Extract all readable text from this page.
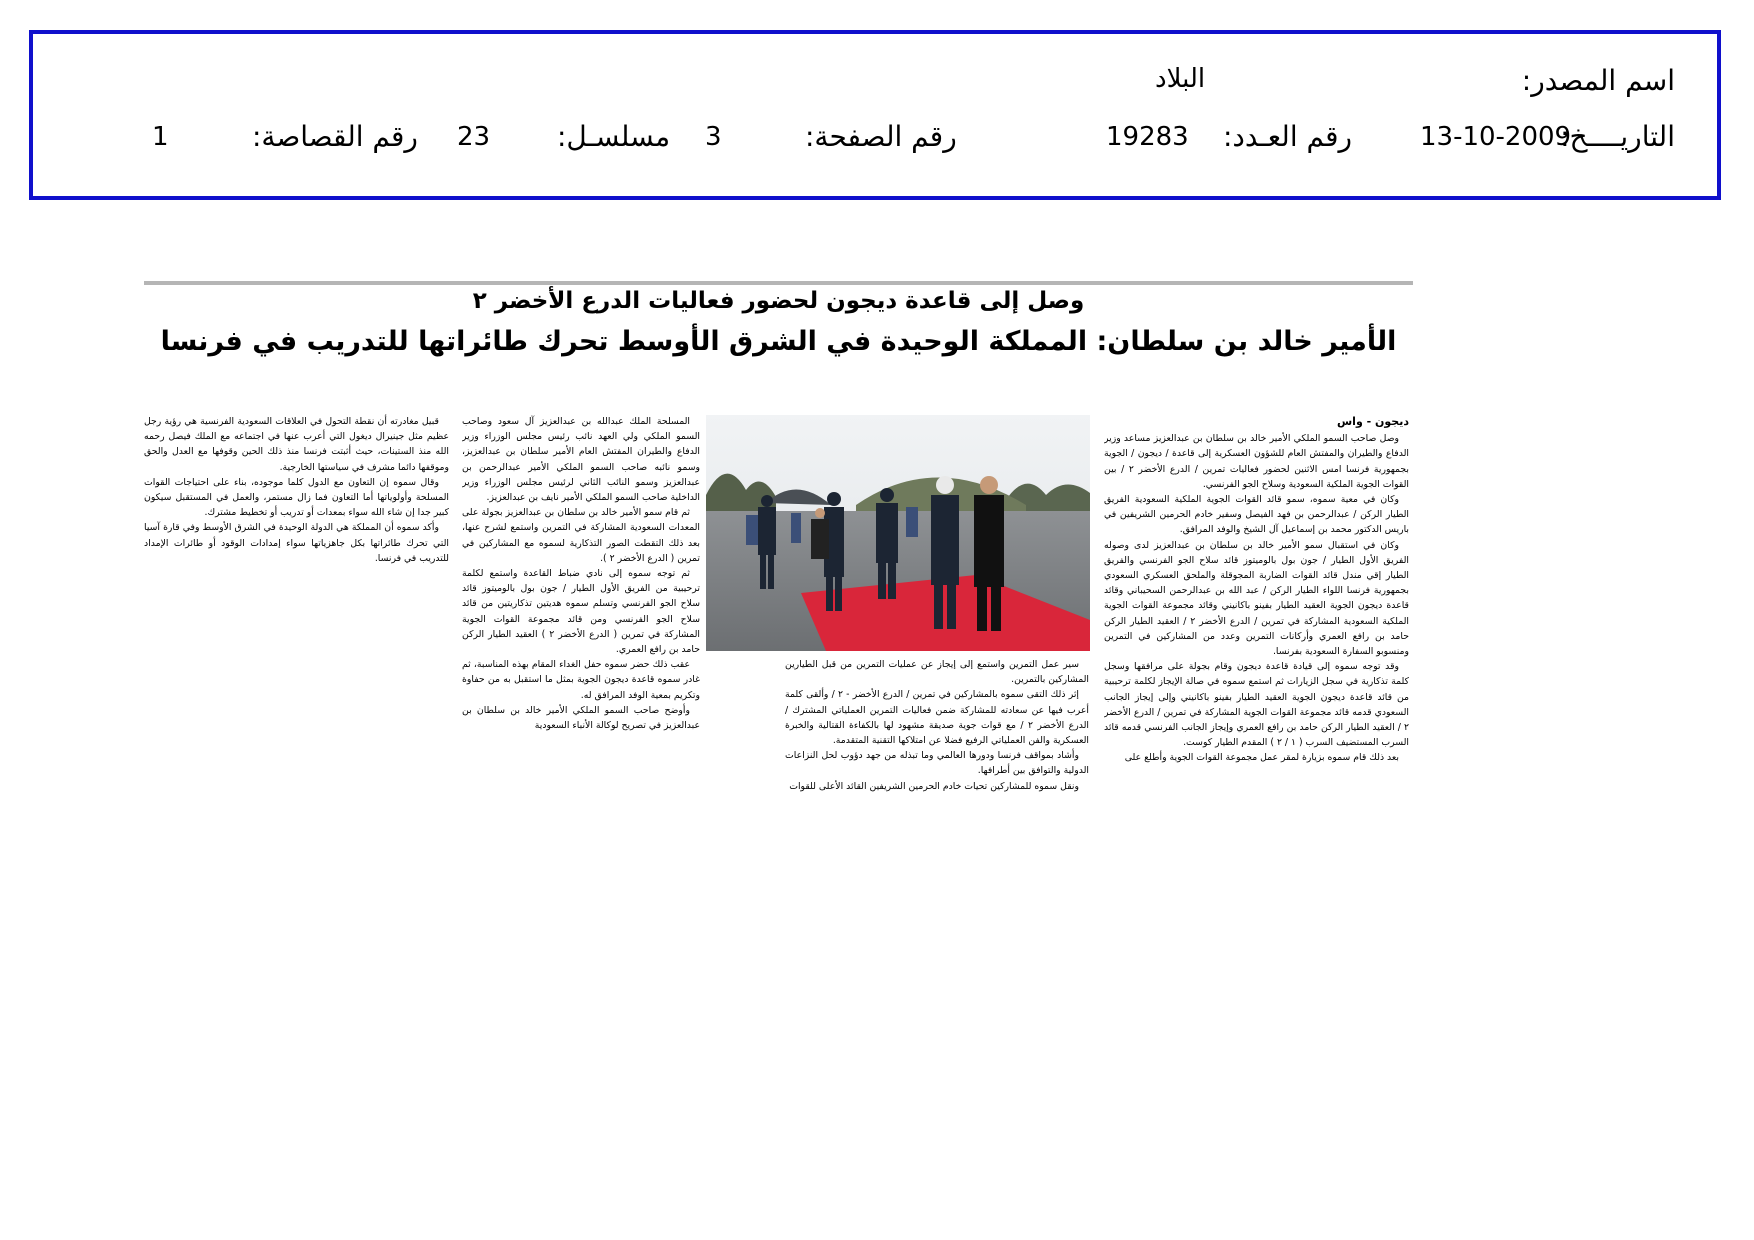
اسم المصدر:
البلاد
التاريــــخ:
13-10-2009
رقم العـدد:
19283
رقم الصفحة:
3
مسلسـل:
23
رقم القصاصة:
1
وصل إلى قاعدة ديجون لحضور فعاليات الدرع الأخضر ٢
الأمير خالد بن سلطان: المملكة الوحيدة في الشرق الأوسط تحرك طائراتها للتدريب في فرنسا
ديجون - واس

وصل صاحب السمو الملكي الأمير خالد بن سلطان بن عبدالعزيز مساعد وزير الدفاع والطيران والمفتش العام للشؤون العسكرية إلى قاعدة / ديجون / الجوية بجمهورية فرنسا امس الاثنين لحضور فعاليات تمرين / الدرع الأخضر ٢ / بين القوات الجوية الملكية السعودية وسلاح الجو الفرنسي.

وكان في معية سموه، سمو قائد القوات الجوية الملكية السعودية الفريق الطيار الركن / عبدالرحمن بن فهد الفيصل وسفير خادم الحرمين الشريفين في باريس الدكتور محمد بن إسماعيل آل الشيخ والوفد المرافق.

وكان في استقبال سمو الأمير خالد بن سلطان بن عبدالعزيز لدى وصوله الفريق الأول الطيار / جون بول بالوميتوز قائد سلاح الجو الفرنسي والفريق الطيار إقي مندل قائد القوات الضاربة المجوقلة والملحق العسكري السعودي بجمهورية فرنسا اللواء الطيار الركن / عبد الله بن عبدالرحمن السحيباني وقائد قاعدة ديجون الجوية العقيد الطيار بفينو باكانيني وقائد مجموعة القوات الجوية الملكية السعودية المشاركة في تمرين / الدرع الأخضر ٢ / العقيد الطيار الركن حامد بن رافع العمري وأركانات التمرين وعدد من المشاركين في التمرين ومنسوبو السفارة السعودية بفرنسا.

وقد توجه سموه إلى قيادة قاعدة ديجون وقام بجولة على مرافقها وسجل كلمة تذكارية في سجل الزيارات ثم استمع سموه في صالة الإيجاز لكلمة ترحيبية من قائد قاعدة ديجون الجوية العقيد الطيار بفينو باكانيني وإلى إيجاز الجانب السعودي قدمه قائد مجموعة القوات الجوية المشاركة في تمرين / الدرع الأخضر ٢ / العقيد الطيار الركن حامد بن رافع العمري وإيجاز الجانب الفرنسي قدمه قائد السرب المستضيف السرب ( ١ / ٢ ) المقدم الطيار كوست.

بعد ذلك قام سموه بزيارة لمقر عمل مجموعة القوات الجوية وأطلع على

سير عمل التمرين واستمع إلى إيجاز عن عمليات التمرين من قبل الطيارين المشاركين بالتمرين.

إثر ذلك التقى سموه بالمشاركين في تمرين / الدرع الأخضر - ٢ / وألقى كلمة أعرب فيها عن سعادته للمشاركة ضمن فعاليات التمرين العملياتي المشترك / الدرع الأخضر ٢ / مع قوات جوية صديقة مشهود لها بالكفاءة القتالية والخبرة العسكرية والفن العملياتي الرفيع فضلا عن امتلاكها التقنية المتقدمة.

وأشاد بمواقف فرنسا ودورها العالمي وما تبذله من جهد دؤوب لحل النزاعات الدولية والتوافق بين أطرافها.

ونقل سموه للمشاركين تحيات خادم الحرمين الشريفين القائد الأعلى للقوات

المسلحة الملك عبدالله بن عبدالعزيز آل سعود وصاحب السمو الملكي ولي العهد نائب رئيس مجلس الوزراء وزير الدفاع والطيران المفتش العام الأمير سلطان بن عبدالعزيز، وسمو نائبه صاحب السمو الملكي الأمير عبدالرحمن بن عبدالعزيز وسمو النائب الثاني لرئيس مجلس الوزراء وزير الداخلية صاحب السمو الملكي الأمير نايف بن عبدالعزيز.

ثم قام سمو الأمير خالد بن سلطان بن عبدالعزيز بجولة على المعدات السعودية المشاركة في التمرين واستمع لشرح عنها، بعد ذلك التقطت الصور التذكارية لسموه مع المشاركين في تمرين ( الدرع الأخضر ٢ ).

ثم توجه سموه إلى نادي ضباط القاعدة واستمع لكلمة ترحيبية من الفريق الأول الطيار / جون بول بالوميتوز قائد سلاح الجو الفرنسي وتسلم سموه هديتين تذكاريتين من قائد سلاح الجو الفرنسي ومن قائد مجموعة القوات الجوية المشاركة في تمرين ( الدرع الأخضر ٢ ) العقيد الطيار الركن حامد بن رافع العمري.

عقب ذلك حضر سموه حفل الغداء المقام بهذه المناسبة، ثم غادر سموه قاعدة ديجون الجوية بمثل ما استقبل به من حفاوة وتكريم بمعية الوفد المرافق له.

وأوضح صاحب السمو الملكي الأمير خالد بن سلطان بن عبدالعزيز في تصريح لوكالة الأنباء السعودية

قبيل مغادرته أن نقطة التحول في العلاقات السعودية الفرنسية هي رؤية رجل عظيم مثل جينيرال ديغول التي أعرب عنها في اجتماعه مع الملك فيصل رحمه الله منذ الستينات، حيث أثبتت فرنسا منذ ذلك الحين وقوفها مع العدل والحق وموقفها دائما مشرف في سياستها الخارجية.

وقال سموه إن التعاون مع الدول كلما موجوده، بناء على احتياجات القوات المسلحة وأولوياتها أما التعاون فما زال مستمر، والعمل في المستقبل سيكون كبير جدا إن شاء الله سواء بمعدات أو تدريب أو تخطيط مشترك.

وأكد سموه أن المملكة هي الدولة الوحيدة في الشرق الأوسط وفي قارة آسيا التي تحرك طائراتها بكل جاهزياتها سواء إمدادات الوقود أو طائرات الإمداد للتدريب في فرنسا.
